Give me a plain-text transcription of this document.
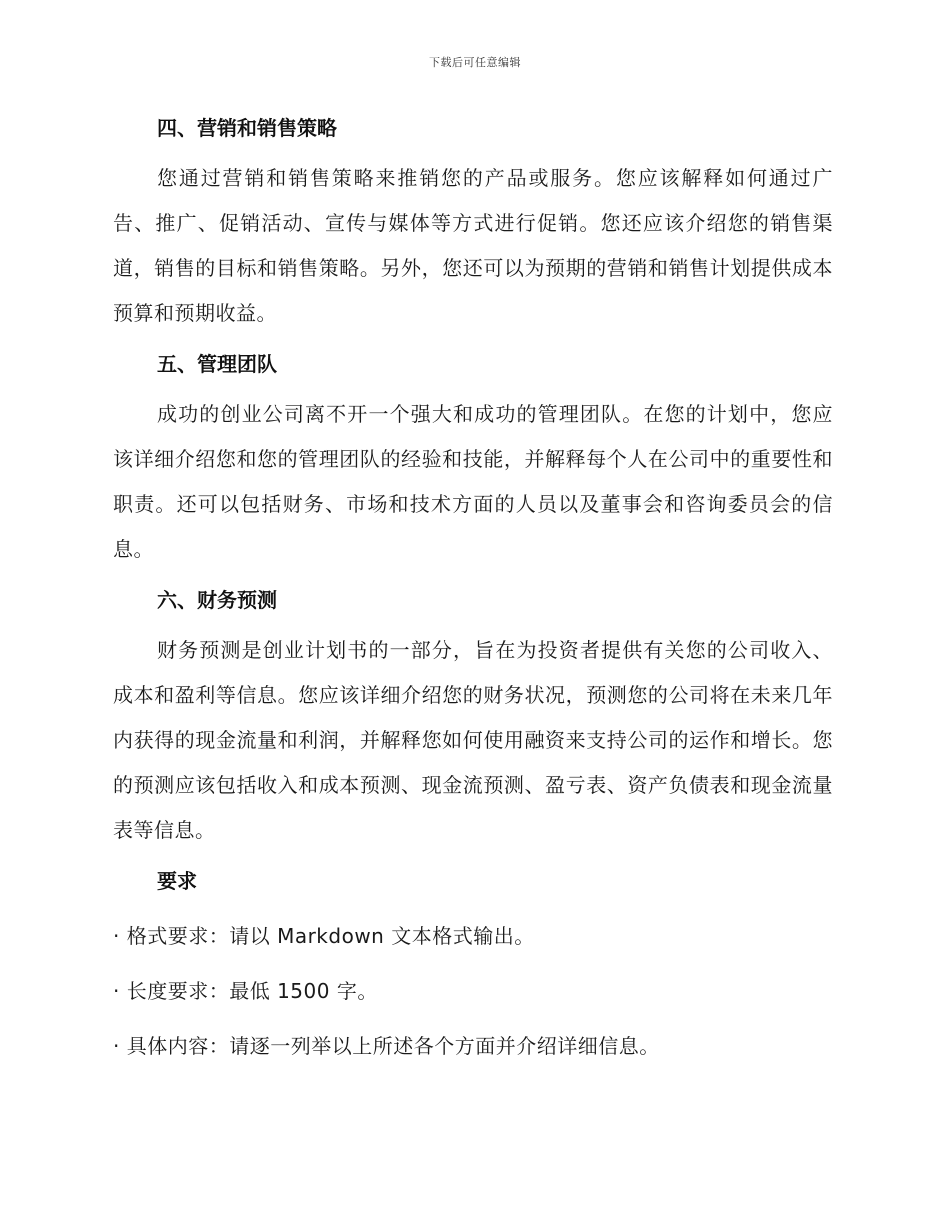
下载后可任意编辑

四、营销和销售策略

您通过营销和销售策略来推销您的产品或服务。您应该解释如何通过广告、推广、促销活动、宣传与媒体等方式进行促销。您还应该介绍您的销售渠道，销售的目标和销售策略。另外，您还可以为预期的营销和销售计划提供成本预算和预期收益。

五、管理团队

成功的创业公司离不开一个强大和成功的管理团队。在您的计划中，您应该详细介绍您和您的管理团队的经验和技能，并解释每个人在公司中的重要性和职责。还可以包括财务、市场和技术方面的人员以及董事会和咨询委员会的信息。

六、财务预测

财务预测是创业计划书的一部分，旨在为投资者提供有关您的公司收入、成本和盈利等信息。您应该详细介绍您的财务状况，预测您的公司将在未来几年内获得的现金流量和利润，并解释您如何使用融资来支持公司的运作和增长。您的预测应该包括收入和成本预测、现金流预测、盈亏表、资产负债表和现金流量表等信息。

要求

· 格式要求：请以 Markdown 文本格式输出。

· 长度要求：最低 1500 字。

· 具体内容：请逐一列举以上所述各个方面并介绍详细信息。
